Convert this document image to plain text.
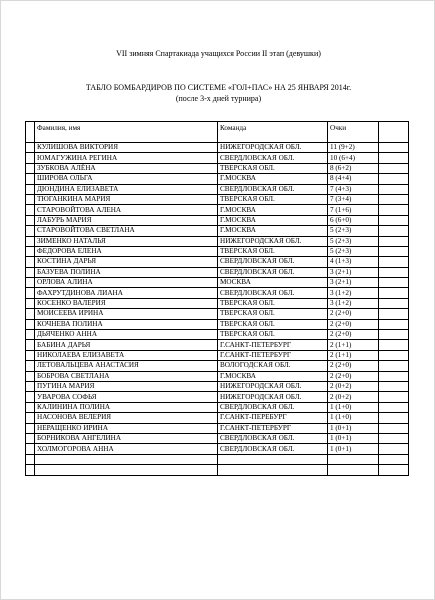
VII зимняя Спартакиада учащихся России II этап (девушки)
ТАБЛО БОМБАРДИРОВ ПО СИСТЕМЕ «ГОЛ+ПАС» НА 25 ЯНВАРЯ 2014г.
(после 3-х дней турнира)
	Фамилия, имя	Команда	Очки	
	КУЛИШОВА ВИКТОРИЯ	НИЖЕГОРОДСКАЯ ОБЛ.	11 (9+2)	
	ЮМАГУЖИНА РЕГИНА	СВЕРДЛОВСКАЯ ОБЛ.	10 (6+4)	
	ЗУБКОВА АЛЁНА	ТВЕРСКАЯ ОБЛ.	8 (6+2)	
	ШИРОВА ОЛЬГА	Г.МОСКВА	8 (4+4)	
	ДЮНДИНА ЕЛИЗАВЕТА	СВЕРДЛОВСКАЯ ОБЛ.	7 (4+3)	
	ТЮГАНКИНА МАРИЯ	ТВЕРСКАЯ ОБЛ.	7 (3+4)	
	СТАРОВОЙТОВА АЛЕНА	Г.МОСКВА	7 (1+6)	
	ЛАБУРЬ МАРИЯ	Г.МОСКВА	6 (6+0)	
	СТАРОВОЙТОВА СВЕТЛАНА	Г.МОСКВА	5 (2+3)	
	ЗИМЕНКО НАТАЛЬЯ	НИЖЕГОРОДСКАЯ ОБЛ.	5 (2+3)	
	ФЕДОРОВА ЕЛЕНА	ТВЕРСКАЯ ОБЛ.	5 (2+3)	
	КОСТИНА ДАРЬЯ	СВЕРДЛОВСКАЯ ОБЛ.	4 (1+3)	
	БАЗУЕВА ПОЛИНА	СВЕРДЛОВСКАЯ ОБЛ.	3 (2+1)	
	ОРЛОВА АЛИНА	МОСКВА	3 (2+1)	
	ФАХРУТДИНОВА ЛИАНА	СВЕРДЛОВСКАЯ ОБЛ.	3 (1+2)	
	КОСЕНКО ВАЛЕРИЯ	ТВЕРСКАЯ ОБЛ.	3 (1+2)	
	МОИСЕЕВА ИРИНА	ТВЕРСКАЯ ОБЛ.	2 (2+0)	
	КОЧНЕВА ПОЛИНА	ТВЕРСКАЯ ОБЛ.	2 (2+0)	
	ДЬЯЧЕНКО АННА	ТВЕРСКАЯ ОБЛ.	2 (2+0)	
	БАБИНА ДАРЬЯ	Г.САНКТ-ПЕТЕРБУРГ	2 (1+1)	
	НИКОЛАЕВА ЕЛИЗАВЕТА	Г.САНКТ-ПЕТЕРБУРГ	2 (1+1)	
	ЛЕТОВАЛЬЦЕВА АНАСТАСИЯ	ВОЛОГОДСКАЯ ОБЛ.	2 (2+0)	
	БОБРОВА СВЕТЛАНА	Г.МОСКВА	2 (2+0)	
	ПУГИНА МАРИЯ	НИЖЕГОРОДСКАЯ ОБЛ.	2 (0+2)	
	УВАРОВА СОФЬЯ	НИЖЕГОРОДСКАЯ ОБЛ.	2 (0+2)	
	КАЛИНИНА ПОЛИНА	СВЕРДЛОВСКАЯ ОБЛ.	1 (1+0)	
	НАСОНОВА ВЕЛЕРИЯ	Г.САНКТ-ПЕРЕБУРГ	1 (1+0)	
	НЕРАЩЕНКО ИРИНА	Г.САНКТ-ПЕТЕРБУРГ	1 (0+1)	
	БОРНИКОВА АНГЕЛИНА	СВЕРДЛОВСКАЯ ОБЛ.	1 (0+1)	
	ХОЛМОГОРОВА АННА	СВЕРДЛОВСКАЯ ОБЛ.	1 (0+1)	
